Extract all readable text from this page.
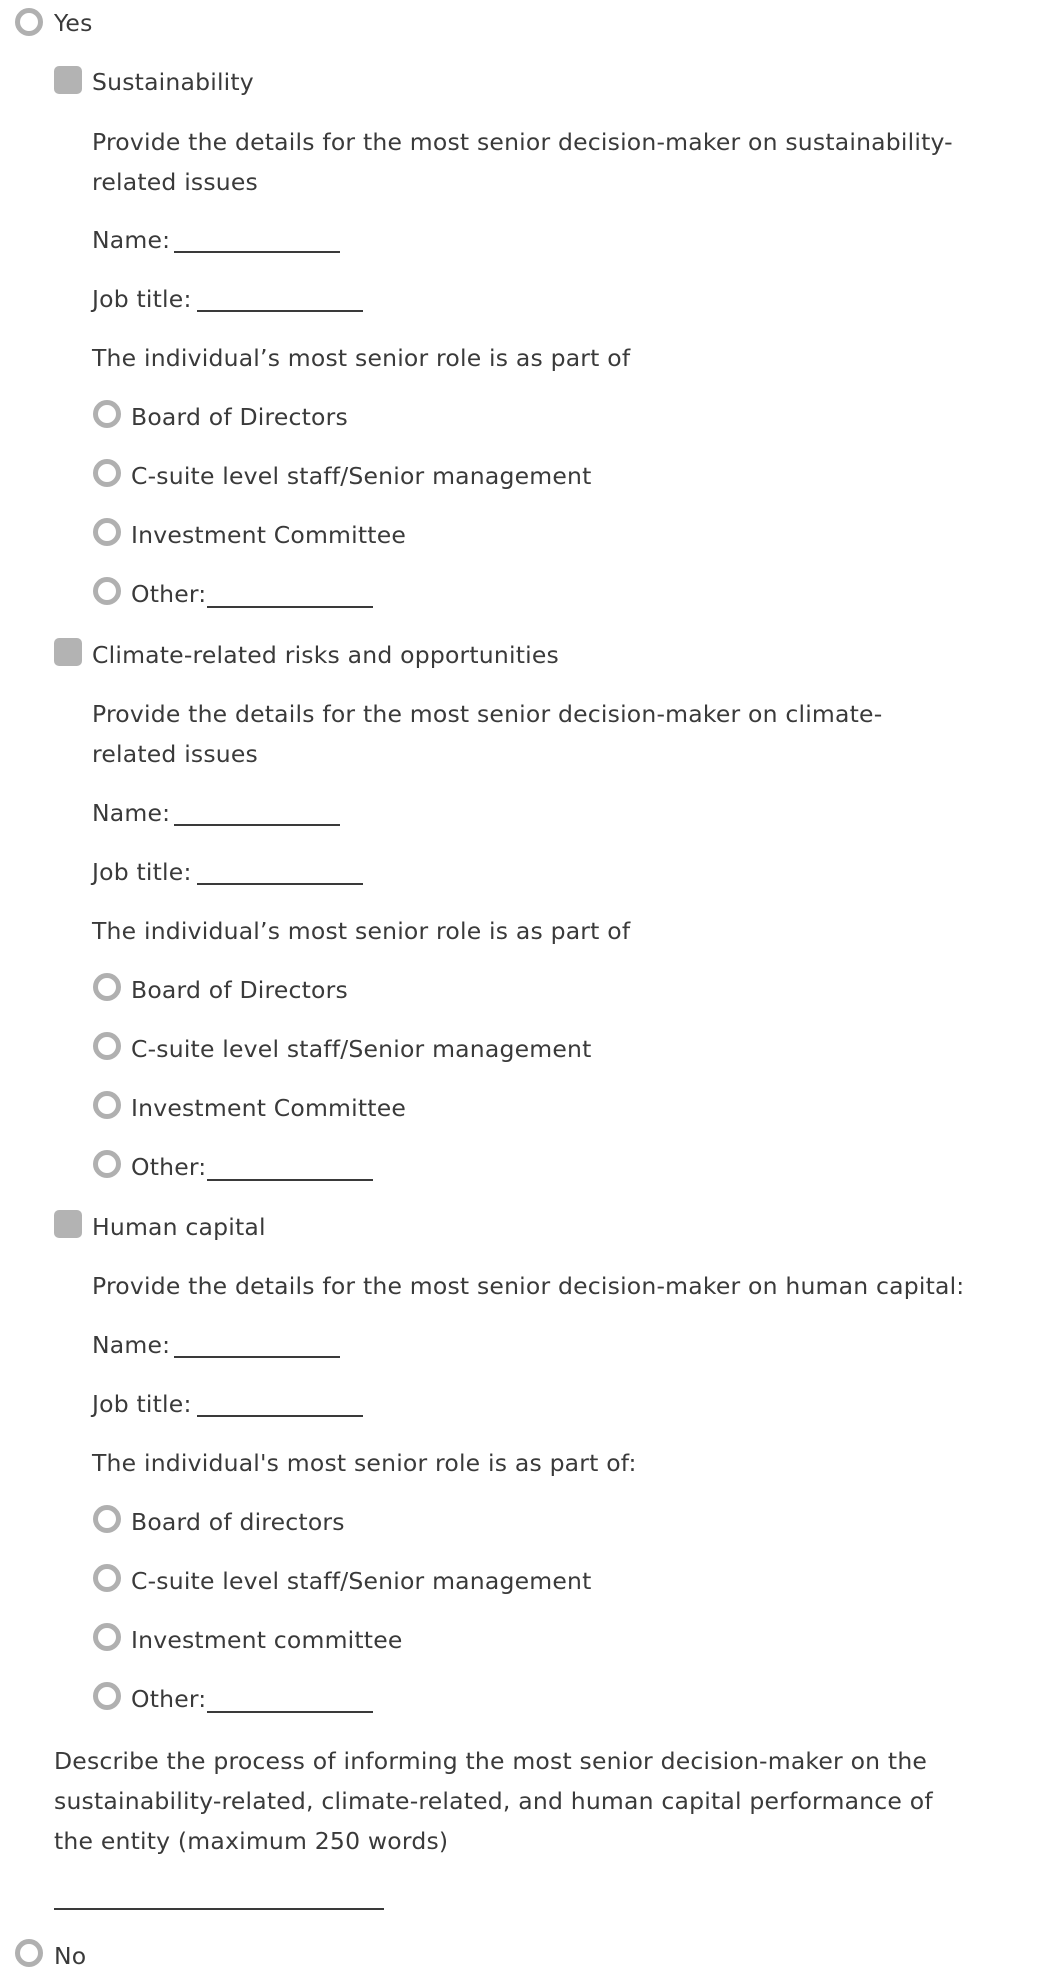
Yes
Sustainability
Provide the details for the most senior decision-maker on sustainability-related issues
Name:
Job title:
The individual’s most senior role is as part of
Board of Directors
C-suite level staff/Senior management
Investment Committee
Other:
Climate-related risks and opportunities
Provide the details for the most senior decision-maker on climate-related issues
Name:
Job title:
The individual’s most senior role is as part of
Board of Directors
C-suite level staff/Senior management
Investment Committee
Other:
Human capital
Provide the details for the most senior decision-maker on human capital:
Name:
Job title:
The individual's most senior role is as part of:
Board of directors
C-suite level staff/Senior management
Investment committee
Other:
Describe the process of informing the most senior decision-maker on the sustainability-related, climate-related, and human capital performance of the entity (maximum 250 words)
No
